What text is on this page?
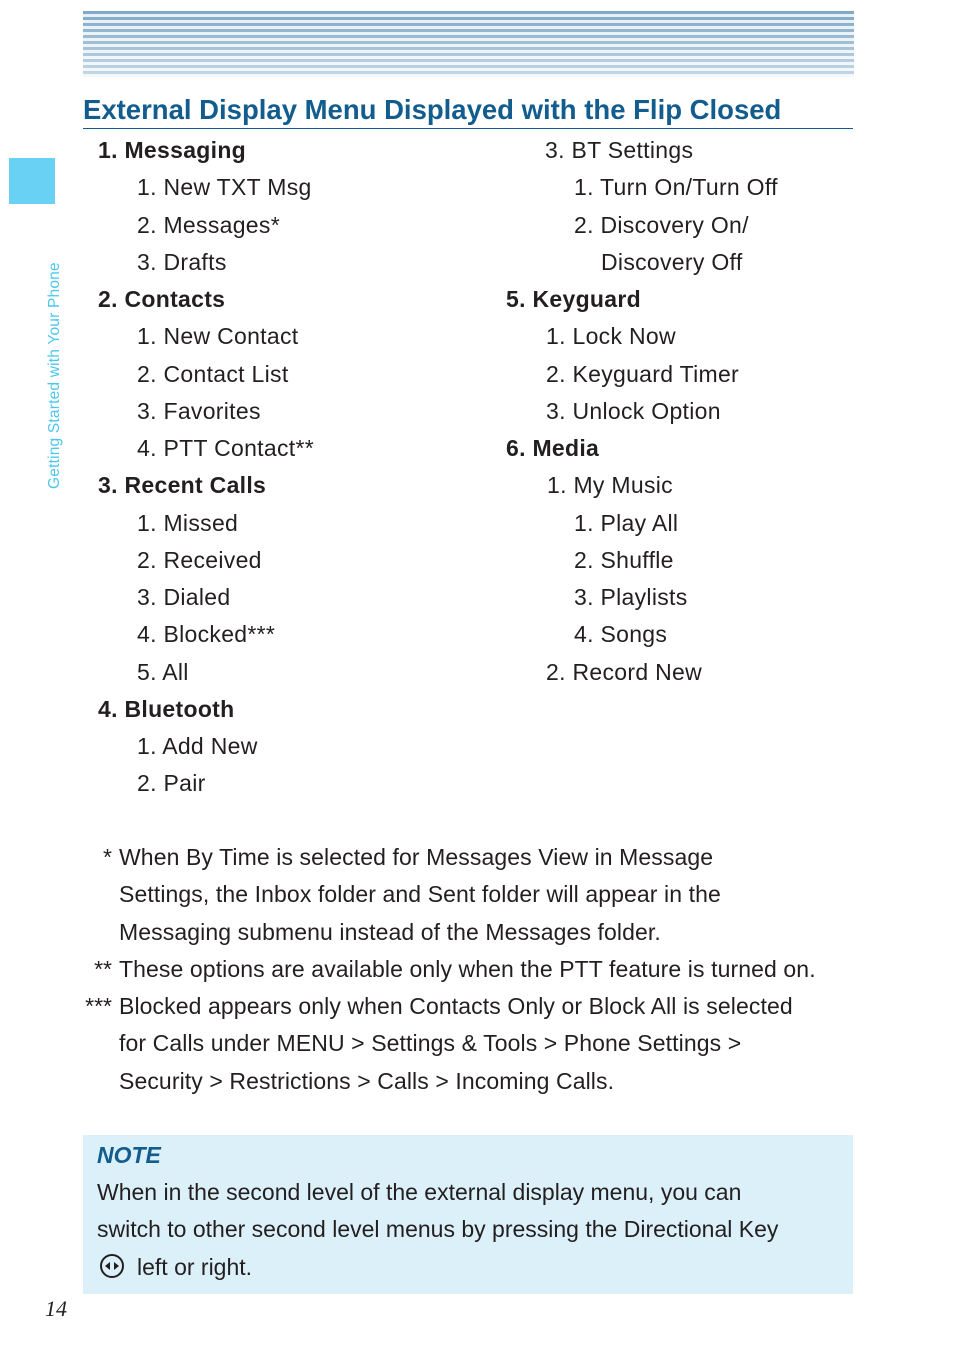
Getting Started with Your Phone
External Display Menu Displayed with the Flip Closed
1. Messaging
1. New TXT Msg
2. Messages*
3. Drafts
2. Contacts
1. New Contact
2. Contact List
3. Favorites
4. PTT Contact**
3. Recent Calls
1. Missed
2. Received
3. Dialed
4. Blocked***
5. All
4. Bluetooth
1. Add New
2. Pair
3. BT Settings
1. Turn On/Turn Off
2. Discovery On/
Discovery Off
5. Keyguard
1. Lock Now
2. Keyguard Timer
3. Unlock Option
6. Media
1. My Music
1. Play All
2. Shuffle
3. Playlists
4. Songs
2. Record New
* When By Time is selected for Messages View in Message
Settings, the Inbox folder and Sent folder will appear in the
Messaging submenu instead of the Messages folder.
** These options are available only when the PTT feature is turned on.
*** Blocked appears only when Contacts Only or Block All is selected
for Calls under MENU > Settings & Tools > Phone Settings >
Security > Restrictions > Calls > Incoming Calls.
NOTE
When in the second level of the external display menu, you can
switch to other second level menus by pressing the Directional Key
left or right.
14
